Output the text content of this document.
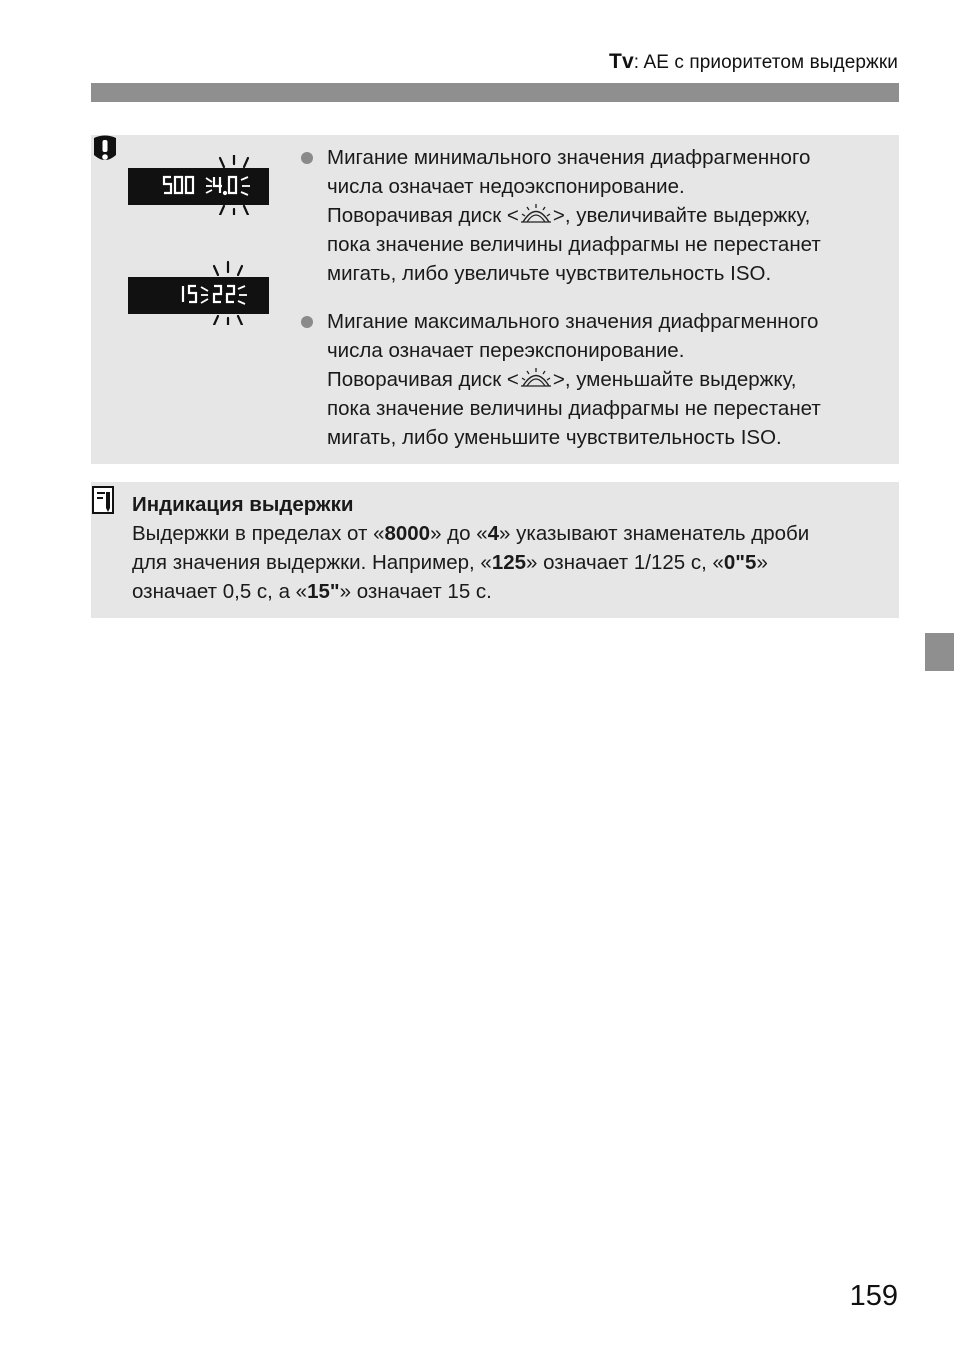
Tv : AE с приоритетом выдержки
Мигание минимального значения диафрагменного
числа означает недоэкспонирование.
Поворачивая диск < >, увеличивайте выдержку,
пока значение величины диафрагмы не перестанет
мигать, либо увеличьте чувствительность ISO.
Мигание максимального значения диафрагменного
числа означает переэкспонирование.
Поворачивая диск < >, уменьшайте выдержку,
пока значение величины диафрагмы не перестанет
мигать, либо уменьшите чувствительность ISO.
Индикация выдержки
Выдержки в пределах от «8000» до «4» указывают знаменатель дроби
для значения выдержки. Например, «125» означает 1/125 с, «0"5»
означает 0,5 с, а «15"» означает 15 с.
159
